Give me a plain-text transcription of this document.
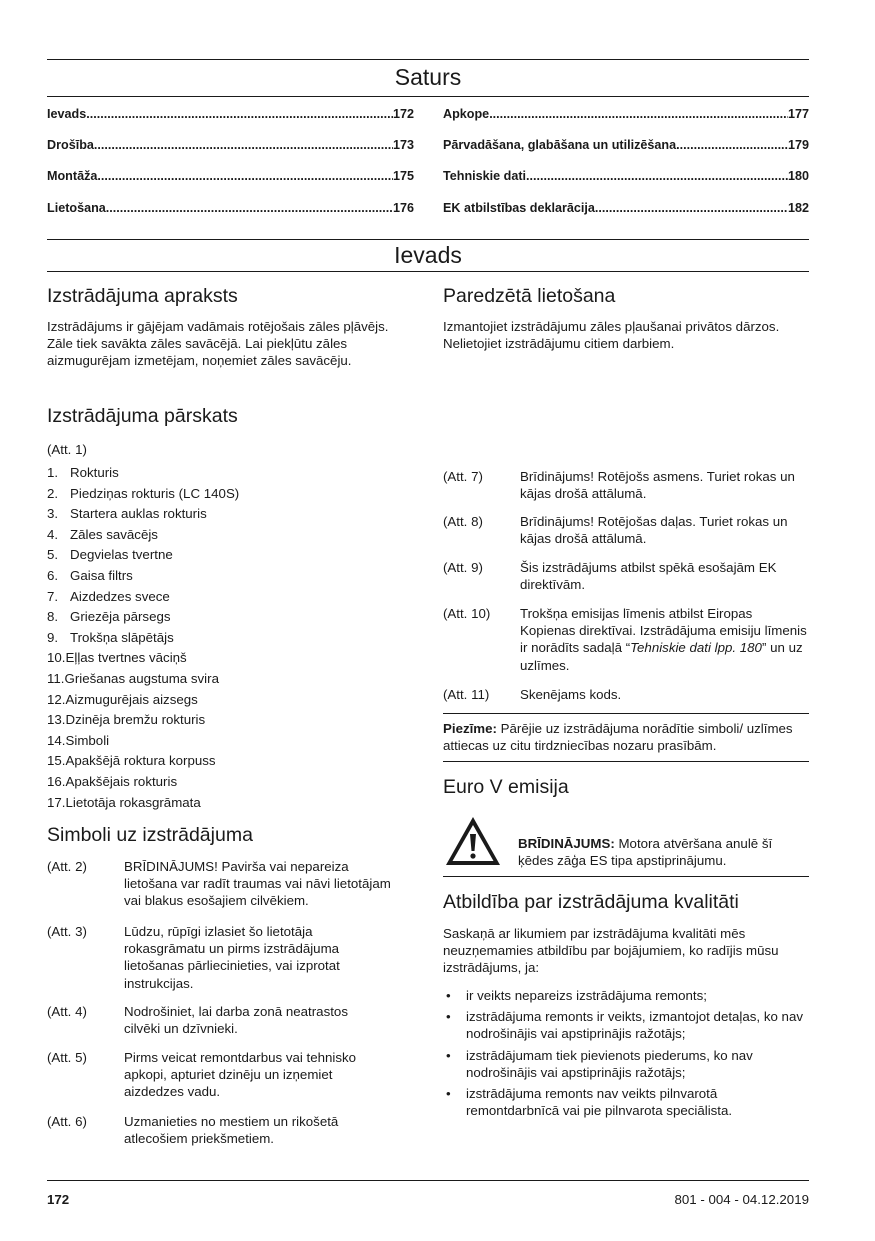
Saturs
Ievads .....	172
Drošība .....	173
Montāža .....	175
Lietošana .....	176
Apkope .....	177
Pārvadāšana, glabāšana un utilizēšana .....	179
Tehniskie dati .....	180
EK atbilstības deklarācija .....	182
Ievads
Izstrādājuma apraksts

Izstrādājums ir gājējam vadāmais rotējošais zāles pļāvējs. Zāle tiek savākta zāles savācējā. Lai piekļūtu zāles aizmugurējam izmetējam, noņemiet zāles savācēju.

Izstrādājuma pārskats

(Att. 1)

1. Rokturis
2. Piedziņas rokturis (LC 140S)
3. Startera auklas rokturis
4. Zāles savācējs
5. Degvielas tvertne
6. Gaisa filtrs
7. Aizdedzes svece
8. Griezēja pārsegs
9. Trokšņa slāpētājs
10.Eļļas tvertnes vāciņš
11.Griešanas augstuma svira
12.Aizmugurējais aizsegs
13.Dzinēja bremžu rokturis
14.Simboli
15.Apakšējā roktura korpuss
16.Apakšējais rokturis
17.Lietotāja rokasgrāmata
Simboli uz izstrādājuma
(Att. 2)	BRĪDINĀJUMS! Pavirša vai nepareiza lietošana var radīt traumas vai nāvi lietotājam vai blakus esošajiem cilvēkiem.

(Att. 3)	Lūdzu, rūpīgi izlasiet šo lietotāja rokasgrāmatu un pirms izstrādājuma lietošanas pārliecinieties, vai izprotat instrukcijas.

(Att. 4)	Nodrošiniet, lai darba zonā neatrastos cilvēki un dzīvnieki.

(Att. 5)	Pirms veicat remontdarbus vai tehnisko apkopi, apturiet dzinēju un izņemiet aizdedzes vadu.

(Att. 6)	Uzmanieties no mestiem un rikošetā atlecošiem priekšmetiem.

Paredzētā lietošana

Izmantojiet izstrādājumu zāles pļaušanai privātos dārzos. Nelietojiet izstrādājumu citiem darbiem.

(Att. 7)	Brīdinājums! Rotējošs asmens. Turiet rokas un kājas drošā attālumā.

(Att. 8)	Brīdinājums! Rotējošas daļas. Turiet rokas un kājas drošā attālumā.

(Att. 9)	Šis izstrādājums atbilst spēkā esošajām EK direktīvām.

(Att. 10) Trokšņa emisijas līmenis atbilst Eiropas Kopienas direktīvai. Izstrādājuma emisiju līmenis ir norādīts sadaļā “Tehniskie dati lpp. 180” un uz uzlīmes.

(Att. 11) Skenējams kods.

Piezīme: Pārējie uz izstrādājuma norādītie simboli/ uzlīmes attiecas uz citu tirdzniecības nozaru prasībām.

Euro V emisija

BRĪDINĀJUMS: Motora atvēršana anulē šī ķēdes zāģa ES tipa apstiprinājumu.

Atbildība par izstrādājuma kvalitāti

Saskaņā ar likumiem par izstrādājuma kvalitāti mēs neuzņemamies atbildību par bojājumiem, ko radījis mūsu izstrādājums, ja:

• ir veikts nepareizs izstrādājuma remonts;
• izstrādājuma remonts ir veikts, izmantojot detaļas, ko nav nodrošinājis vai apstiprinājis ražotājs;
• izstrādājumam tiek pievienots piederums, ko nav nodrošinājis vai apstiprinājis ražotājs;
• izstrādājuma remonts nav veikts pilnvarotā remontdarbnīcā vai pie pilnvarota speciālista.
172	801 - 004 - 04.12.2019
